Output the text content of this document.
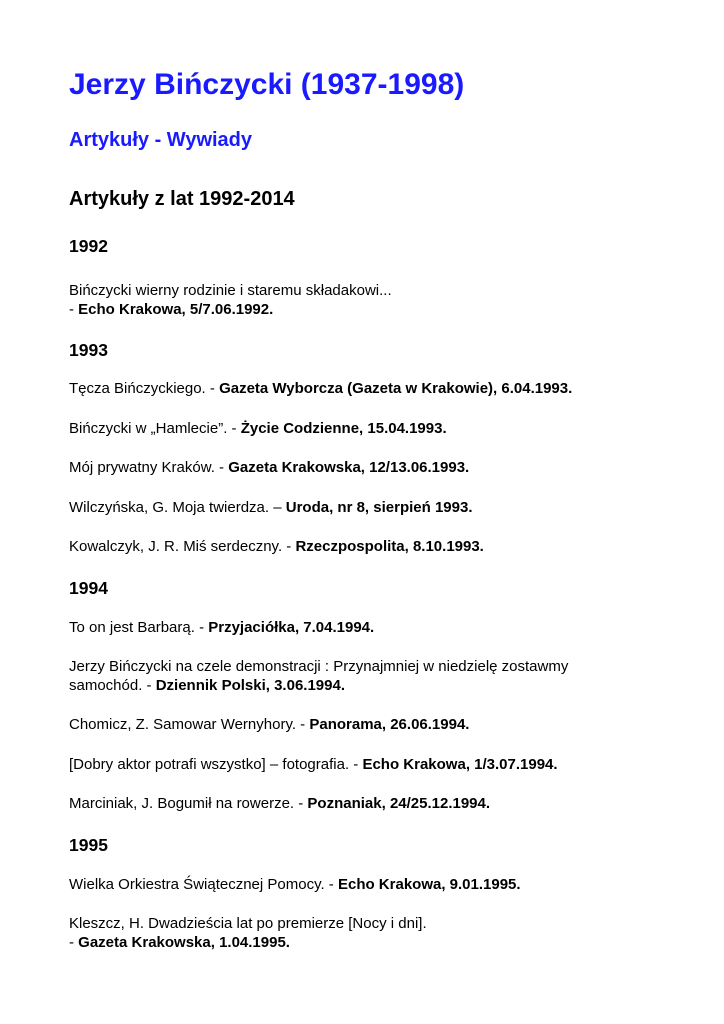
Jerzy Bińczycki (1937-1998)
Artykuły - Wywiady
Artykuły z lat 1992-2014
1992
Bińczycki wierny rodzinie i staremu składakowi...
- Echo Krakowa, 5/7.06.1992.
1993
Tęcza Bińczyckiego. - Gazeta Wyborcza (Gazeta w Krakowie), 6.04.1993.
Bińczycki w „Hamlecie”. - Życie Codzienne, 15.04.1993.
Mój prywatny Kraków. - Gazeta Krakowska, 12/13.06.1993.
Wilczyńska, G. Moja twierdza. – Uroda, nr 8, sierpień 1993.
Kowalczyk, J. R. Miś serdeczny. - Rzeczpospolita, 8.10.1993.
1994
To on jest Barbarą. - Przyjaciółka, 7.04.1994.
Jerzy Bińczycki na czele demonstracji : Przynajmniej w niedzielę zostawmy
samochód. - Dziennik Polski, 3.06.1994.
Chomicz, Z. Samowar Wernyhory. - Panorama, 26.06.1994.
[Dobry aktor potrafi wszystko] – fotografia. - Echo Krakowa, 1/3.07.1994.
Marciniak, J. Bogumił na rowerze. - Poznaniak, 24/25.12.1994.
1995
Wielka Orkiestra Świątecznej Pomocy. - Echo Krakowa, 9.01.1995.
Kleszcz, H. Dwadzieścia lat po premierze [Nocy i dni].
- Gazeta Krakowska, 1.04.1995.
